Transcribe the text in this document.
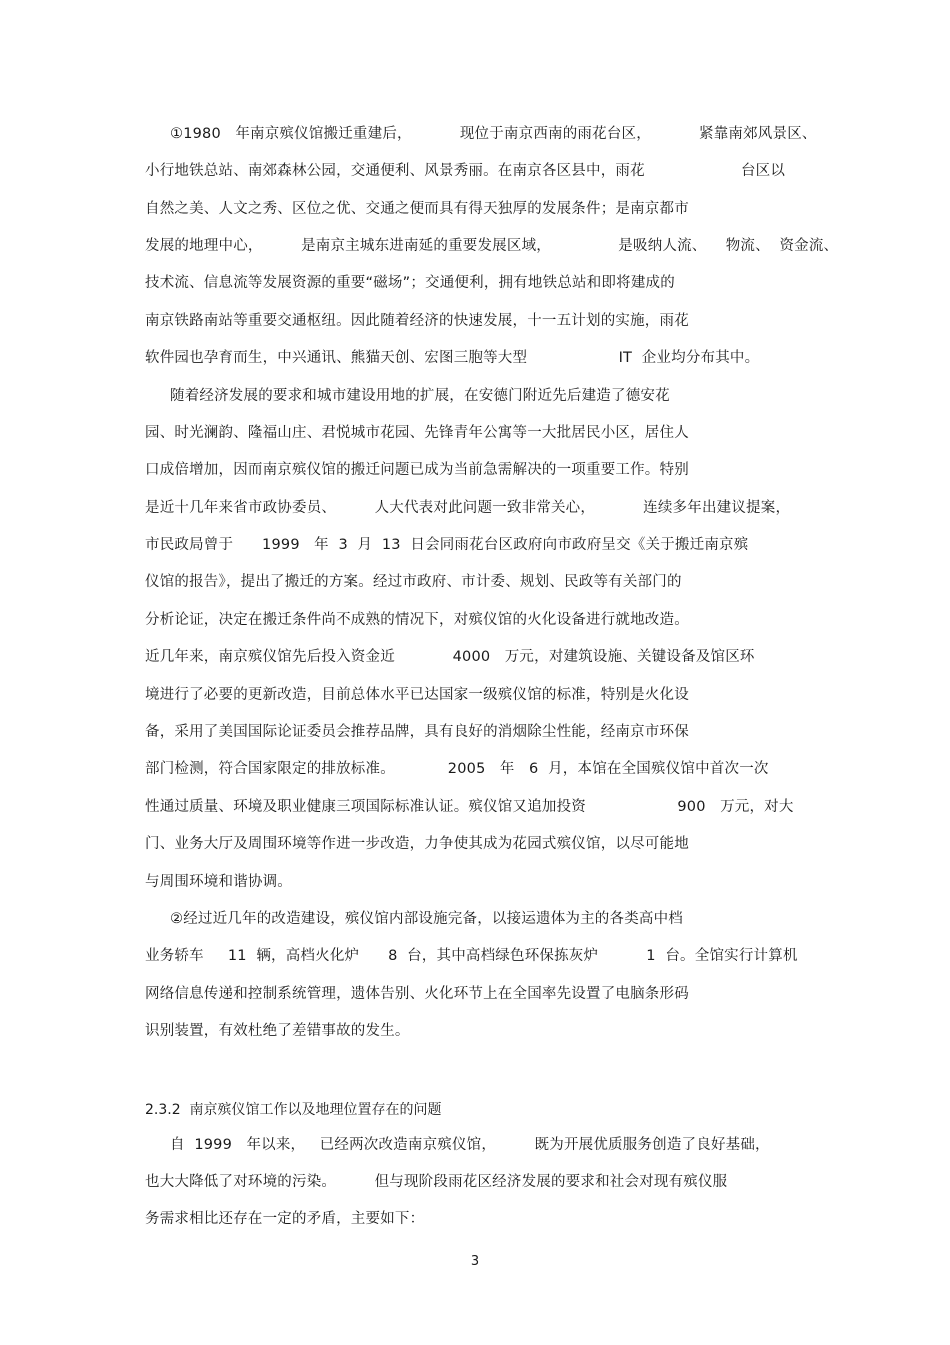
①1980   年南京殡仪馆搬迁重建后，          现位于南京西南的雨花台区，          紧靠南郊风景区、
小行地铁总站、南郊森林公园，交通便利、风景秀丽。在南京各区县中，雨花                    台区以
自然之美、人文之秀、区位之优、交通之便而具有得天独厚的发展条件；是南京都市
发展的地理中心，        是南京主城东进南延的重要发展区域，              是吸纳人流、    物流、  资金流、
技术流、信息流等发展资源的重要“磁场”；交通便利，拥有地铁总站和即将建成的
南京铁路南站等重要交通枢纽。因此随着经济的快速发展，十一五计划的实施，雨花
软件园也孕育而生，中兴通讯、熊猫天创、宏图三胞等大型                   IT  企业均分布其中。
随着经济发展的要求和城市建设用地的扩展，在安德门附近先后建造了德安花
园、时光澜韵、隆福山庄、君悦城市花园、先锋青年公寓等一大批居民小区，居住人
口成倍增加，因而南京殡仪馆的搬迁问题已成为当前急需解决的一项重要工作。特别
是近十几年来省市政协委员、        人大代表对此问题一致非常关心，          连续多年出建议提案，
市民政局曾于      1999   年  3  月  13  日会同雨花台区政府向市政府呈交《关于搬迁南京殡
仪馆的报告》，提出了搬迁的方案。经过市政府、市计委、规划、民政等有关部门的
分析论证，决定在搬迁条件尚不成熟的情况下，对殡仪馆的火化设备进行就地改造。
近几年来，南京殡仪馆先后投入资金近            4000   万元，对建筑设施、关键设备及馆区环
境进行了必要的更新改造，目前总体水平已达国家一级殡仪馆的标准，特别是火化设
备，采用了美国国际论证委员会推荐品牌，具有良好的消烟除尘性能，经南京市环保
部门检测，符合国家限定的排放标准。           2005   年   6  月，本馆在全国殡仪馆中首次一次
性通过质量、环境及职业健康三项国际标准认证。殡仪馆又追加投资                   900   万元，对大
门、业务大厅及周围环境等作进一步改造，力争使其成为花园式殡仪馆，以尽可能地
与周围环境和谐协调。
②经过近几年的改造建设，殡仪馆内部设施完备，以接运遗体为主的各类高中档
业务轿车     11  辆，高档火化炉      8  台，其中高档绿色环保拣灰炉          1  台。全馆实行计算机
网络信息传递和控制系统管理，遗体告别、火化环节上在全国率先设置了电脑条形码
识别装置，有效杜绝了差错事故的发生。
2.3.2  南京殡仪馆工作以及地理位置存在的问题
自  1999   年以来，   已经两次改造南京殡仪馆，        既为开展优质服务创造了良好基础，
也大大降低了对环境的污染。        但与现阶段雨花区经济发展的要求和社会对现有殡仪服
务需求相比还存在一定的矛盾，主要如下：
3
